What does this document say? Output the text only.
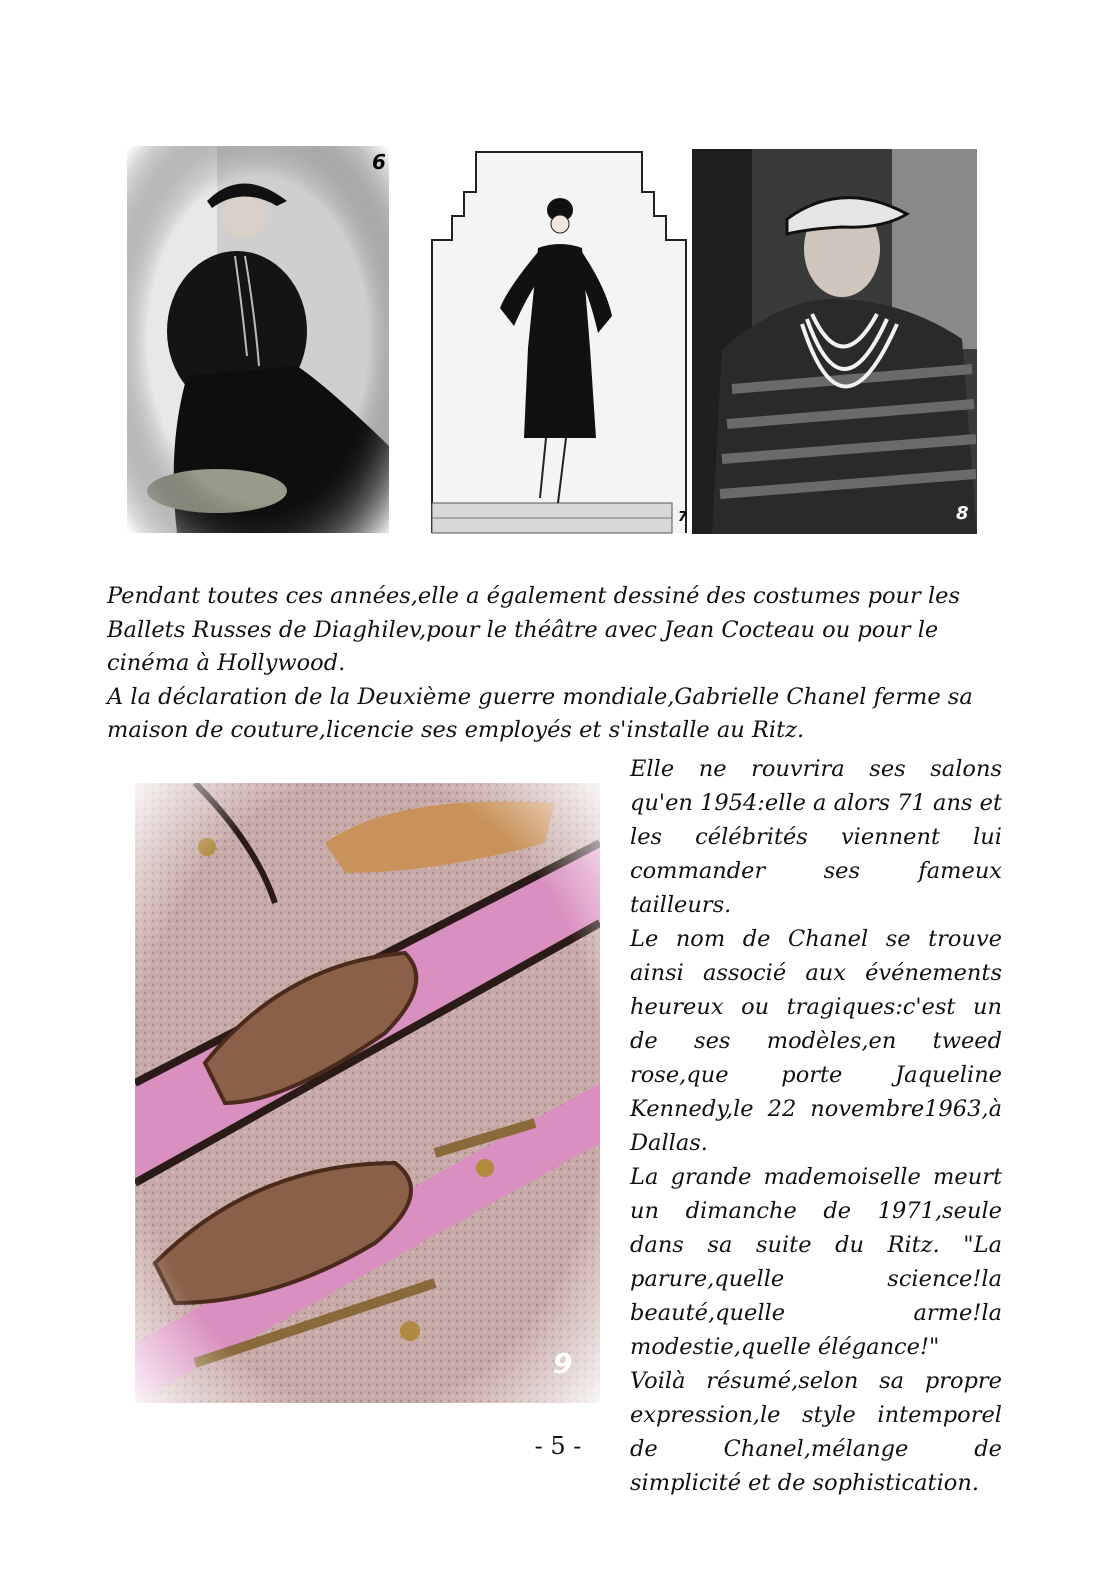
6
7	8

Pendant toutes ces années,elle a également dessiné des costumes pour les Ballets Russes de Diaghilev,pour le théâtre avec Jean Cocteau ou pour le cinéma à Hollywood.

A la déclaration de la Deuxième guerre mondiale,Gabrielle Chanel ferme sa maison de couture,licencie ses employés et s'installe au Ritz.

9

Elle ne rouvrira ses salons qu'en 1954:elle a alors 71 ans et les célébrités viennent lui commander ses fameux tailleurs.

Le nom de Chanel se trouve ainsi associé aux événements heureux ou tragiques:c'est un de ses modèles,en tweed rose,que porte Jaqueline Kennedy,le 22 novembre1963,à Dallas.

La grande mademoiselle meurt un dimanche de 1971,seule dans sa suite du Ritz. "La parure,quelle science!la beauté,quelle arme!la modestie,quelle élégance!"

Voilà résumé,selon sa propre expression,le style intemporel de Chanel,mélange de simplicité et de sophistication.

- 5 -
